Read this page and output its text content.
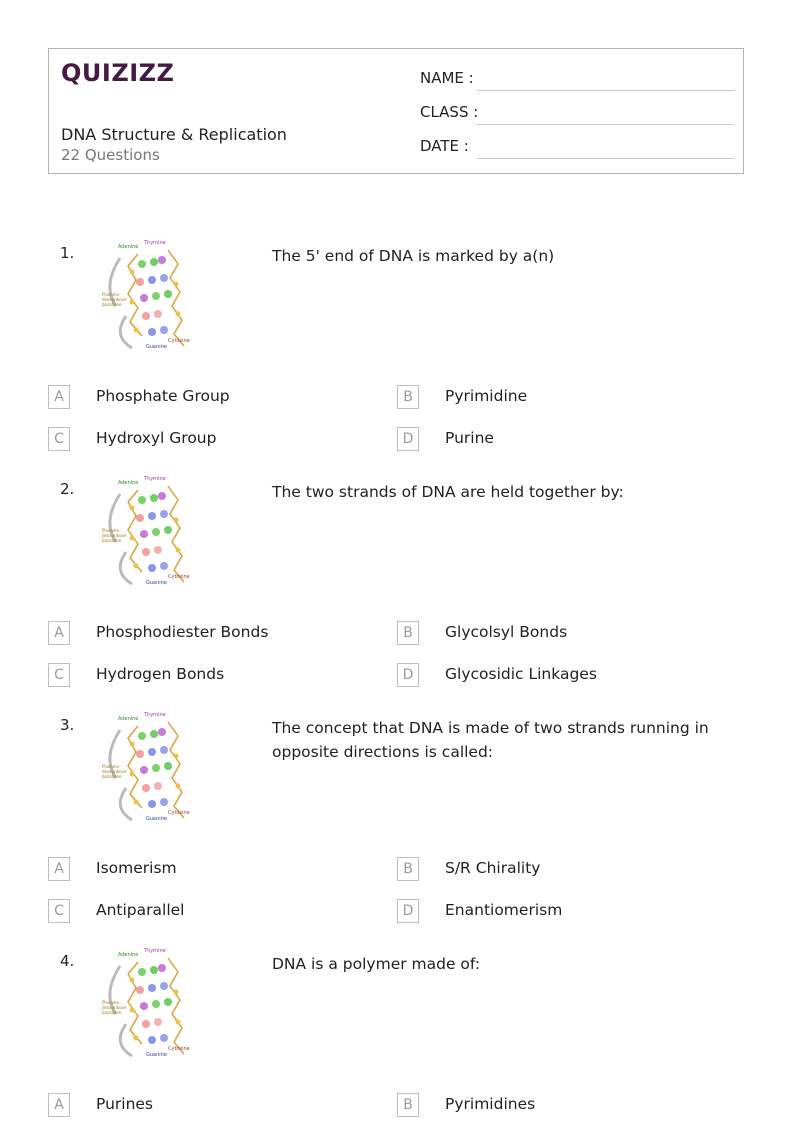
QUIZIZZ
DNA Structure & Replication
22 Questions
NAME :
CLASS :
DATE :
1.	The 5' end of DNA is marked by a(n)
A	Phosphate Group	B	Pyrimidine
C	Hydroxyl Group	D	Purine
2.	The two strands of DNA are held together by:
A	Phosphodiester Bonds	B	Glycolsyl Bonds
C	Hydrogen Bonds	D	Glycosidic Linkages
3.	The concept that DNA is made of two strands running in opposite directions is called:
A	Isomerism	B	S/R Chirality
C	Antiparallel	D	Enantiomerism
4.	DNA is a polymer made of:
A	Purines	B	Pyrimidines
